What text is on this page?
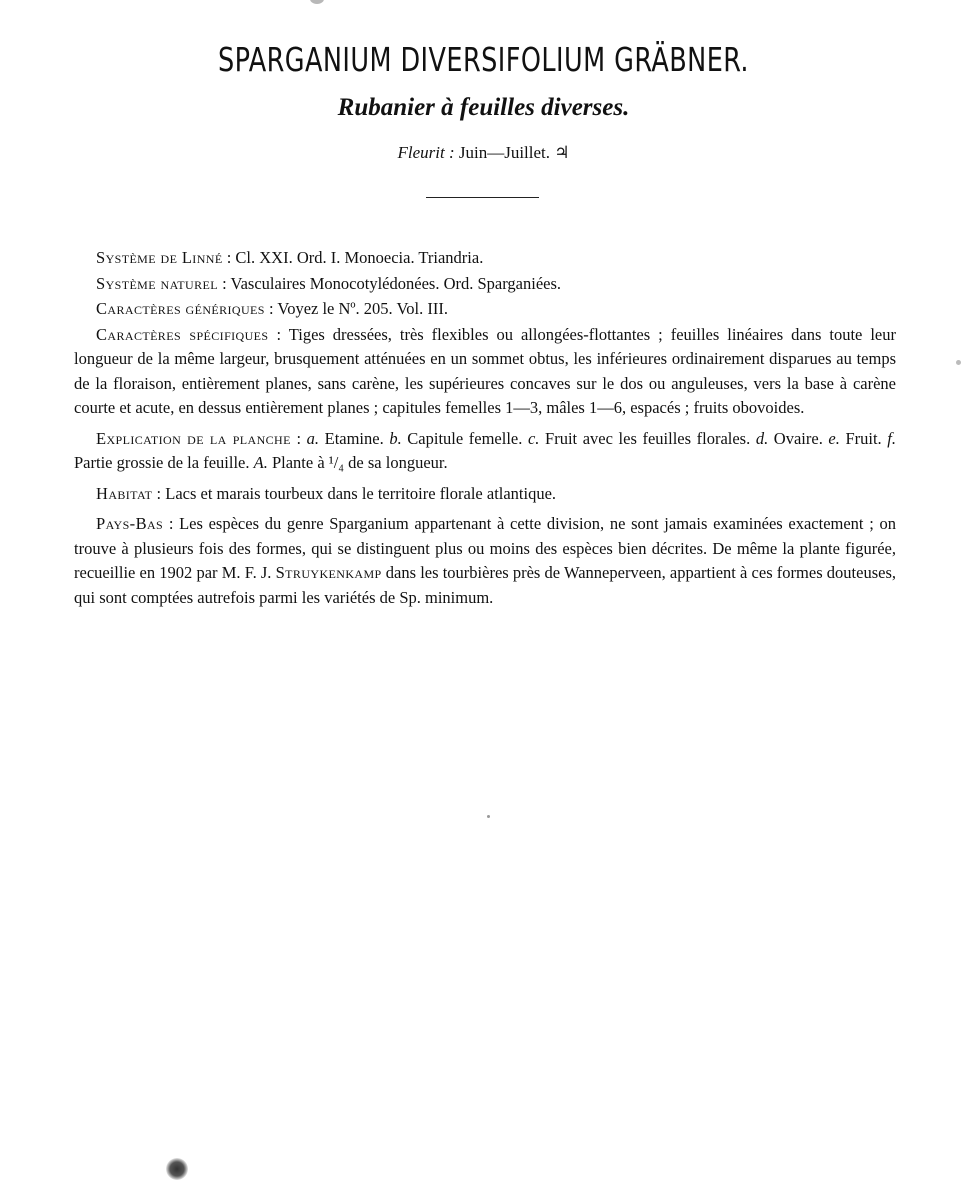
SPARGANIUM DIVERSIFOLIUM GRÄBNER.
Rubanier à feuilles diverses.

Fleurit : Juin—Juillet. ♃

Système de Linné : Cl. XXI. Ord. I. Monoecia. Triandria.

Système naturel : Vasculaires Monocotylédonées. Ord. Sparganiées.

Caractères génériques : Voyez le Nº. 205. Vol. III.

Caractères spécifiques : Tiges dressées, très flexibles ou allongées-flottantes ; feuilles linéaires dans toute leur longueur de la même largeur, brusquement atténuées en un sommet obtus, les inférieures ordinairement disparues au temps de la floraison, entièrement planes, sans carène, les supérieures concaves sur le dos ou anguleuses, vers la base à carène courte et acute, en dessus entièrement planes ; capitules femelles 1—3, mâles 1—6, espacés ; fruits obovoides.

Explication de la planche : a. Etamine. b. Capitule femelle. c. Fruit avec les feuilles florales. d. Ovaire. e. Fruit. f. Partie grossie de la feuille. A. Plante à ¹/₄ de sa longueur.

Habitat : Lacs et marais tourbeux dans le territoire florale atlantique.

Pays-Bas : Les espèces du genre Sparganium appartenant à cette division, ne sont jamais examinées exactement ; on trouve à plusieurs fois des formes, qui se distinguent plus ou moins des espèces bien décrites. De même la plante figurée, recueillie en 1902 par M. F. J. Struykenkamp dans les tourbières près de Wanneperveen, appartient à ces formes douteuses, qui sont comptées autrefois parmi les variétés de Sp. minimum.
